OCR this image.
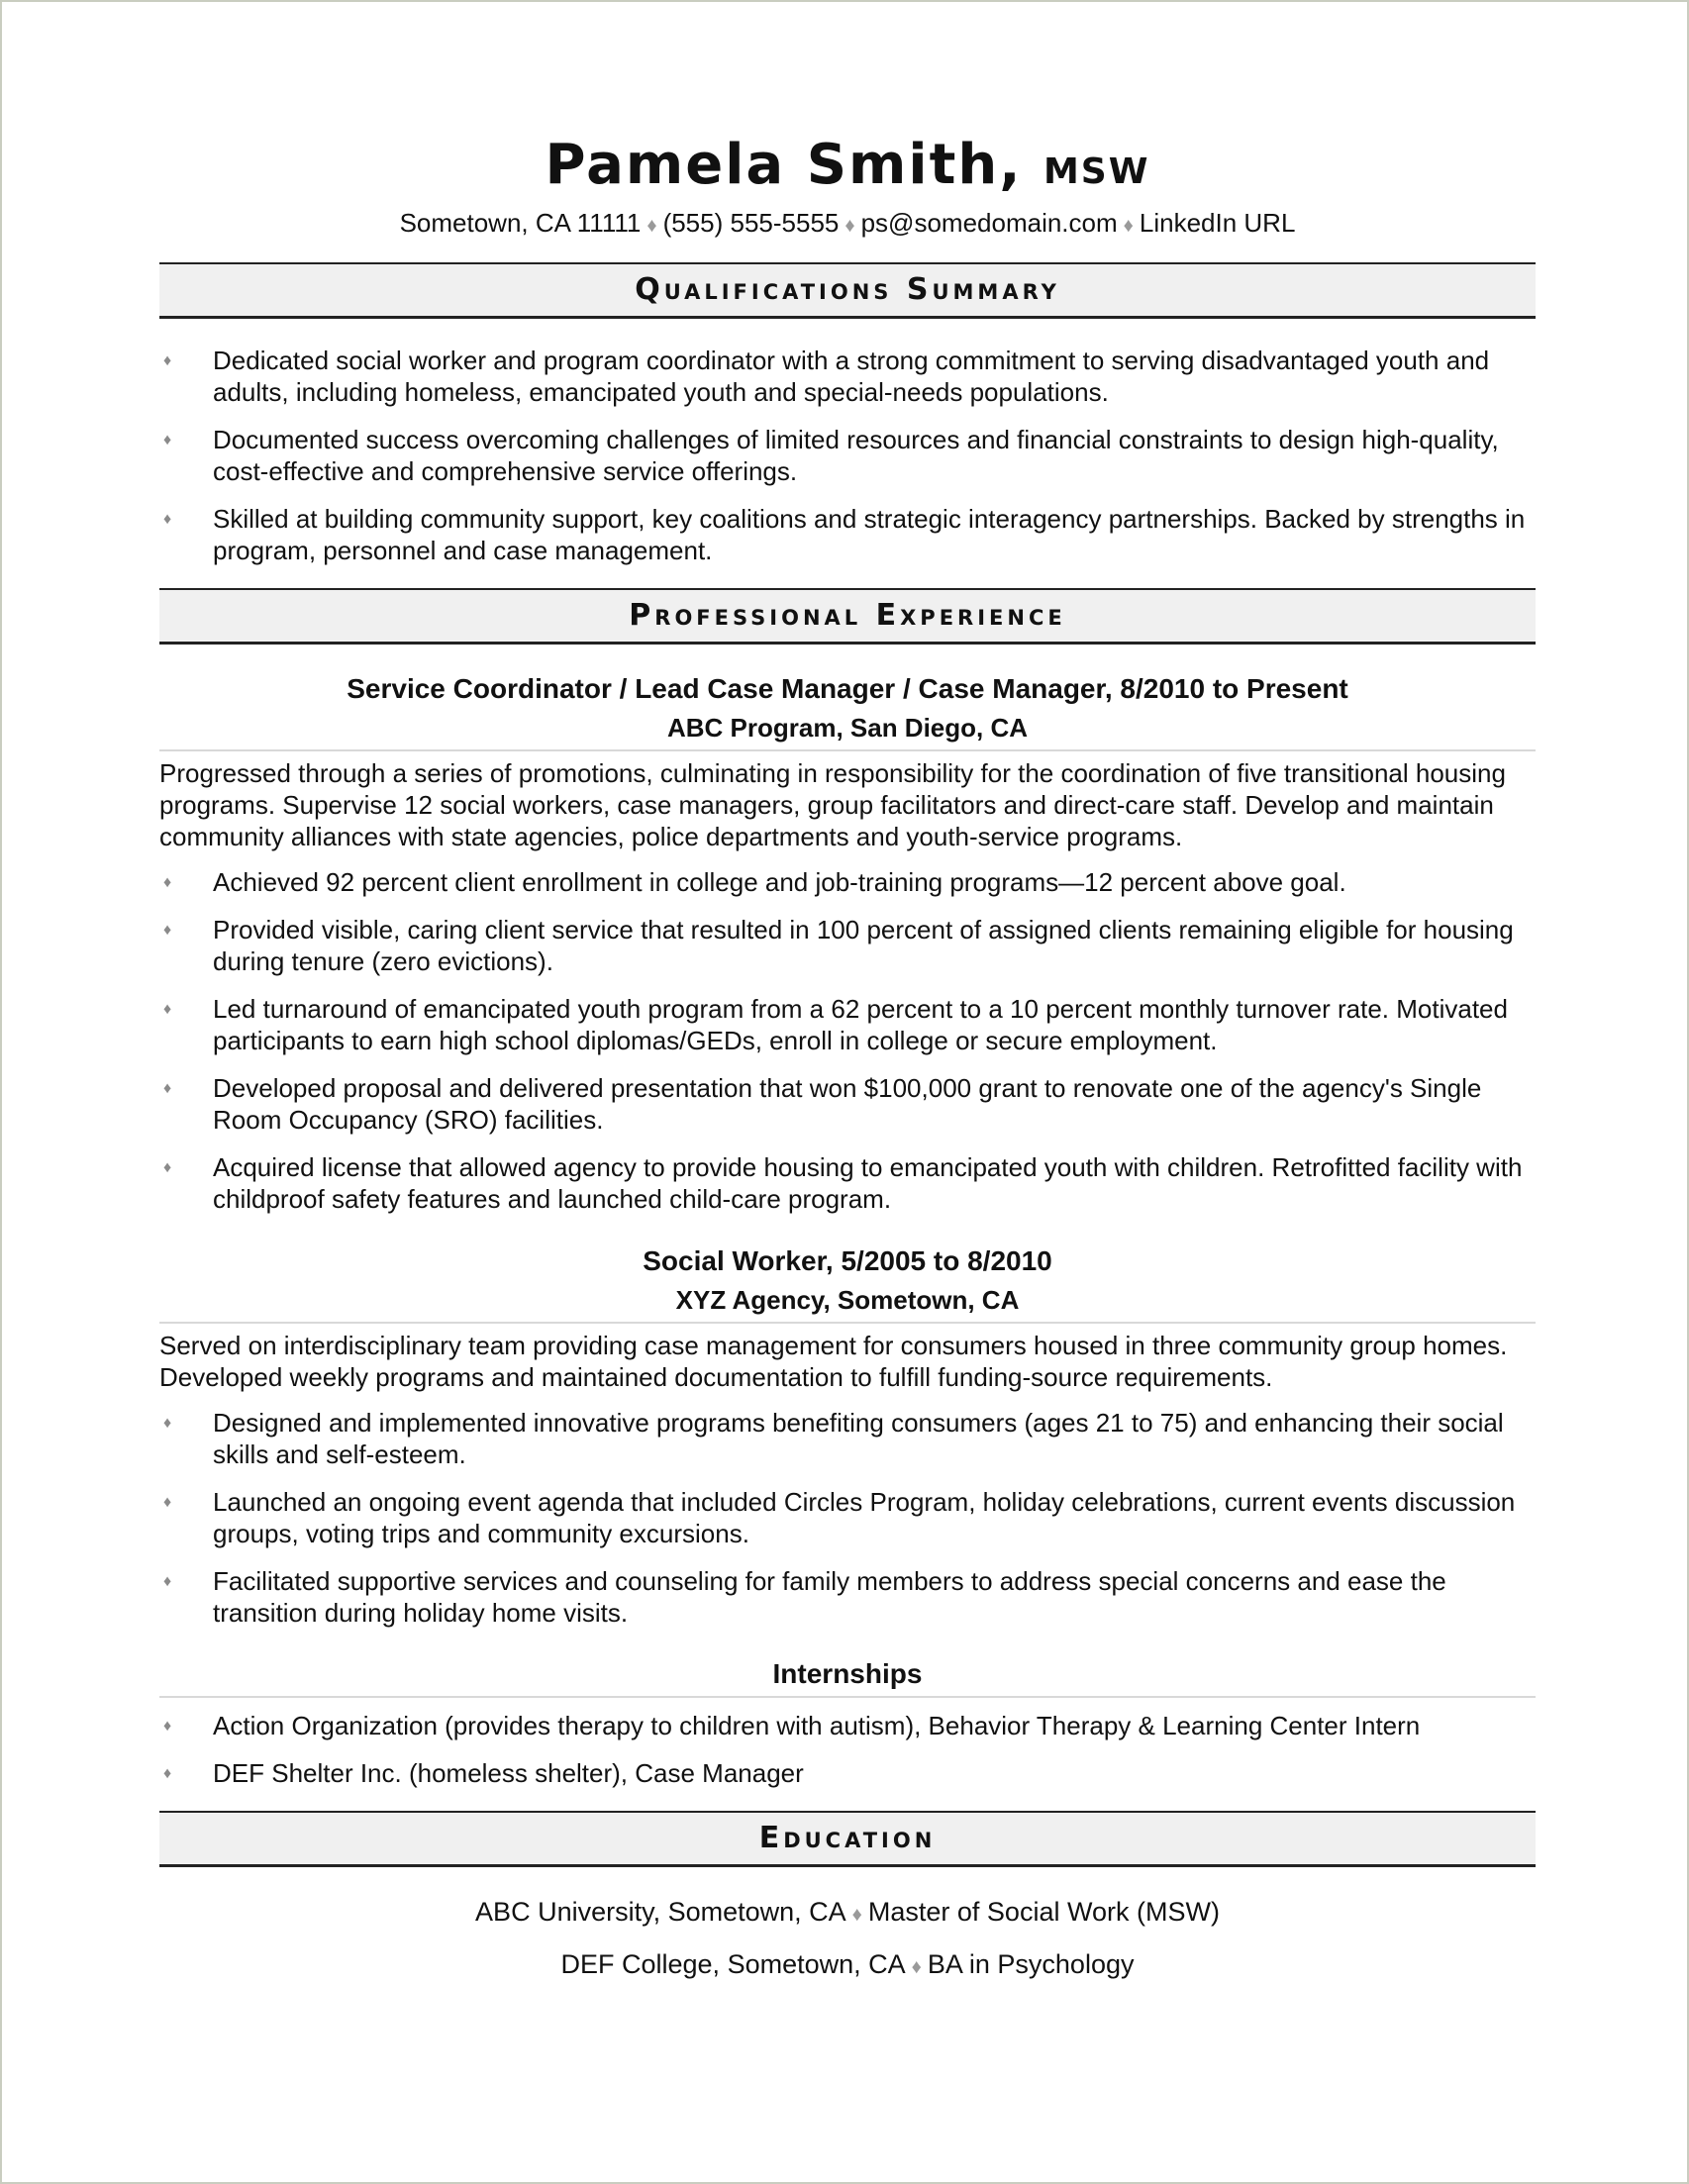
Pamela Smith, MSW
Sometown, CA 11111 ♦ (555) 555-5555 ♦ ps@somedomain.com ♦ LinkedIn URL
Qualifications Summary
♦ Dedicated social worker and program coordinator with a strong commitment to serving disadvantaged youth and adults, including homeless, emancipated youth and special-needs populations.
♦ Documented success overcoming challenges of limited resources and financial constraints to design high-quality, cost-effective and comprehensive service offerings.
♦ Skilled at building community support, key coalitions and strategic interagency partnerships. Backed by strengths in program, personnel and case management.
Professional Experience
Service Coordinator / Lead Case Manager / Case Manager, 8/2010 to Present
ABC Program, San Diego, CA
Progressed through a series of promotions, culminating in responsibility for the coordination of five transitional housing programs. Supervise 12 social workers, case managers, group facilitators and direct-care staff. Develop and maintain community alliances with state agencies, police departments and youth-service programs.
♦ Achieved 92 percent client enrollment in college and job-training programs—12 percent above goal.
♦ Provided visible, caring client service that resulted in 100 percent of assigned clients remaining eligible for housing during tenure (zero evictions).
♦ Led turnaround of emancipated youth program from a 62 percent to a 10 percent monthly turnover rate. Motivated participants to earn high school diplomas/GEDs, enroll in college or secure employment.
♦ Developed proposal and delivered presentation that won $100,000 grant to renovate one of the agency's Single Room Occupancy (SRO) facilities.
♦ Acquired license that allowed agency to provide housing to emancipated youth with children. Retrofitted facility with childproof safety features and launched child-care program.
Social Worker, 5/2005 to 8/2010
XYZ Agency, Sometown, CA
Served on interdisciplinary team providing case management for consumers housed in three community group homes. Developed weekly programs and maintained documentation to fulfill funding-source requirements.
♦ Designed and implemented innovative programs benefiting consumers (ages 21 to 75) and enhancing their social skills and self-esteem.
♦ Launched an ongoing event agenda that included Circles Program, holiday celebrations, current events discussion groups, voting trips and community excursions.
♦ Facilitated supportive services and counseling for family members to address special concerns and ease the transition during holiday home visits.
Internships
♦ Action Organization (provides therapy to children with autism), Behavior Therapy & Learning Center Intern
♦ DEF Shelter Inc. (homeless shelter), Case Manager
Education
ABC University, Sometown, CA ♦ Master of Social Work (MSW)
DEF College, Sometown, CA ♦ BA in Psychology
